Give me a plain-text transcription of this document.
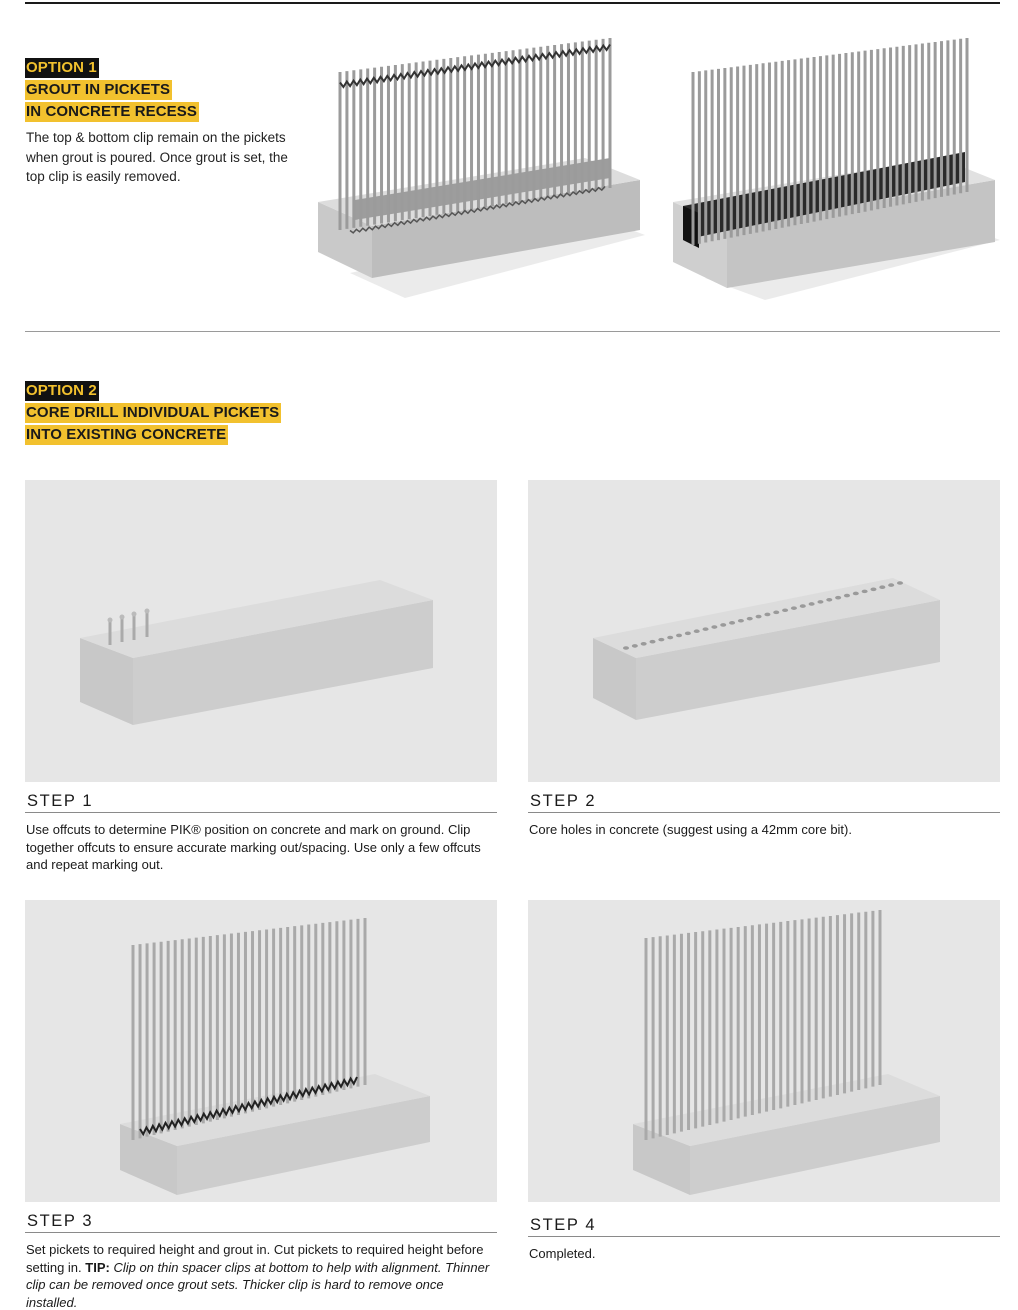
OPTION 1
GROUT IN PICKETS
IN CONCRETE RECESS

The top & bottom clip remain on the pickets when grout is poured. Once grout is set, the top clip is easily removed.

OPTION 2
CORE DRILL INDIVIDUAL PICKETS
INTO EXISTING CONCRETE
STEP 1

Use offcuts to determine PIK® position on concrete and mark on ground. Clip together offcuts to ensure accurate marking out/spacing. Use only a few offcuts and repeat marking out.

STEP 2

Core holes in concrete (suggest using a 42mm core bit).

STEP 3

Set pickets to required height and grout in. Cut pickets to required height before setting in. TIP: Clip on thin spacer clips at bottom to help with alignment. Thinner clip can be removed once grout sets. Thicker clip is hard to remove once installed.

STEP 4

Completed.
